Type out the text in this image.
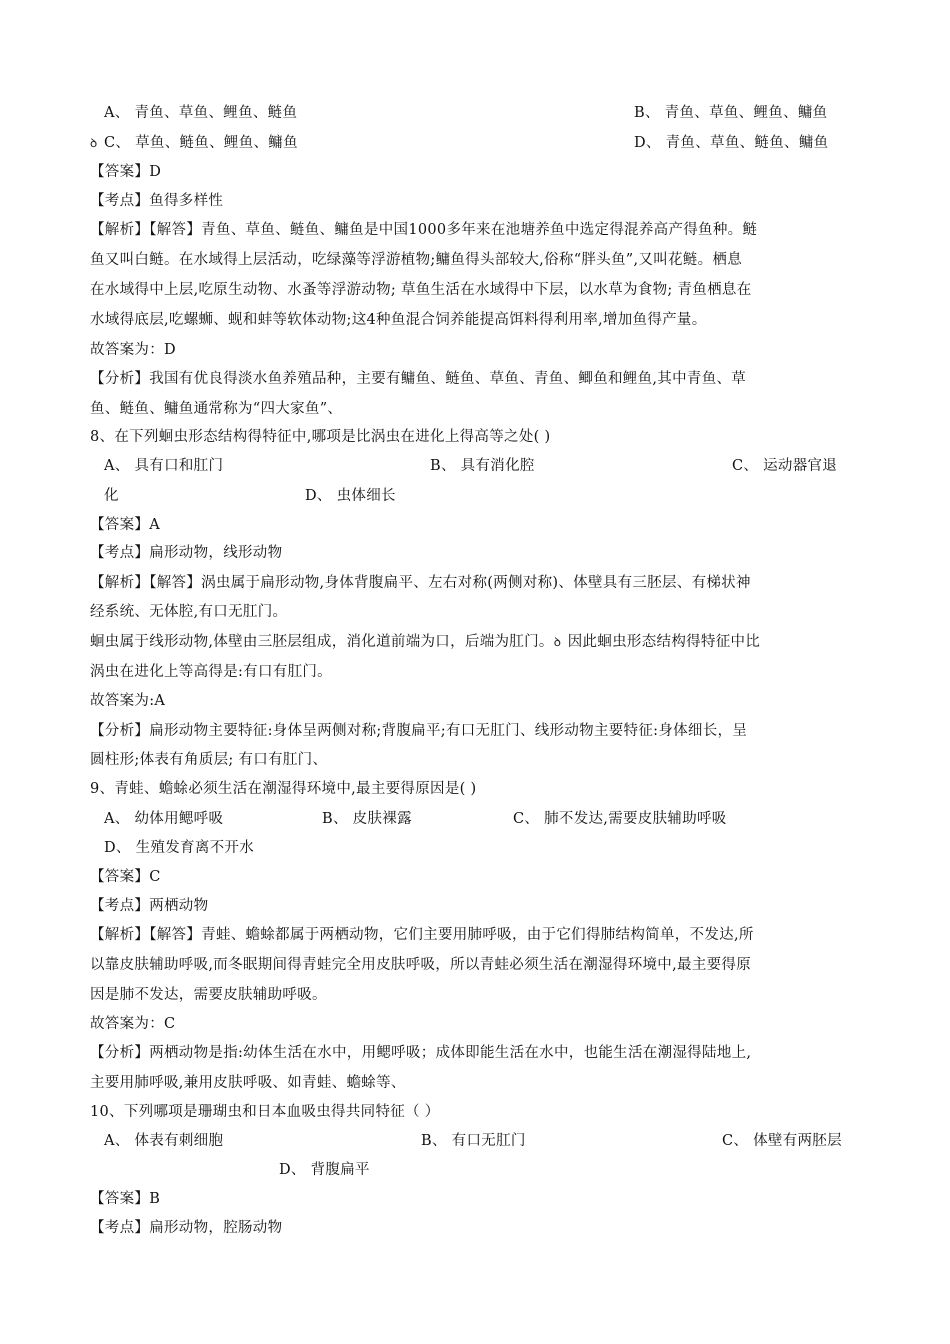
A、 青鱼、草鱼、鲤鱼、鲢鱼	B、 青鱼、草鱼、鲤鱼、鳙鱼
ꝺ C、 草鱼、鲢鱼、鲤鱼、鳙鱼	D、 青鱼、草鱼、鲢鱼、鳙鱼
【答案】D
【考点】鱼得多样性
【解析】【解答】青鱼、草鱼、鲢鱼、鳙鱼是中国1000多年来在池塘养鱼中选定得混养高产得鱼种。鲢
鱼又叫白鲢。在水域得上层活动，吃绿藻等浮游植物;鳙鱼得头部较大,俗称“胖头鱼”,又叫花鲢。栖息
在水域得中上层,吃原生动物、水蚤等浮游动物; 草鱼生活在水域得中下层，以水草为食物; 青鱼栖息在
水域得底层,吃螺蛳、蚬和蚌等软体动物;这4种鱼混合饲养能提高饵料得利用率,增加鱼得产量。
故答案为：D
【分析】我国有优良得淡水鱼养殖品种，主要有鳙鱼、鲢鱼、草鱼、青鱼、鲫鱼和鲤鱼,其中青鱼、草
鱼、鲢鱼、鳙鱼通常称为“四大家鱼”、
8、在下列蛔虫形态结构得特征中,哪项是比涡虫在进化上得高等之处( )
A、 具有口和肛门	B、 具有消化腔	C、 运动器官退
化	D、 虫体细长
【答案】A
【考点】扁形动物，线形动物
【解析】【解答】涡虫属于扁形动物,身体背腹扁平、左右对称(两侧对称)、体壁具有三胚层、有梯状神
经系统、无体腔,有口无肛门。
蛔虫属于线形动物,体壁由三胚层组成，消化道前端为口，后端为肛门。ꝺ 因此蛔虫形态结构得特征中比
涡虫在进化上等高得是:有口有肛门。
故答案为:A
【分析】扁形动物主要特征:身体呈两侧对称;背腹扁平;有口无肛门、线形动物主要特征:身体细长，呈
圆柱形;体表有角质层; 有口有肛门、
9、青蛙、蟾蜍必须生活在潮湿得环境中,最主要得原因是( )
A、 幼体用鳃呼吸	B、 皮肤裸露	C、 肺不发达,需要皮肤辅助呼吸
D、 生殖发育离不开水
【答案】C
【考点】两栖动物
【解析】【解答】青蛙、蟾蜍都属于两栖动物，它们主要用肺呼吸，由于它们得肺结构简单，不发达,所
以靠皮肤辅助呼吸,而冬眠期间得青蛙完全用皮肤呼吸，所以青蛙必须生活在潮湿得环境中,最主要得原
因是肺不发达，需要皮肤辅助呼吸。
故答案为：C
【分析】两栖动物是指:幼体生活在水中，用鳃呼吸；成体即能生活在水中，也能生活在潮湿得陆地上,
主要用肺呼吸,兼用皮肤呼吸、如青蛙、蟾蜍等、
10、下列哪项是珊瑚虫和日本血吸虫得共同特征（ ）
A、 体表有刺细胞	B、 有口无肛门	C、 体壁有两胚层
D、 背腹扁平
【答案】B
【考点】扁形动物，腔肠动物
